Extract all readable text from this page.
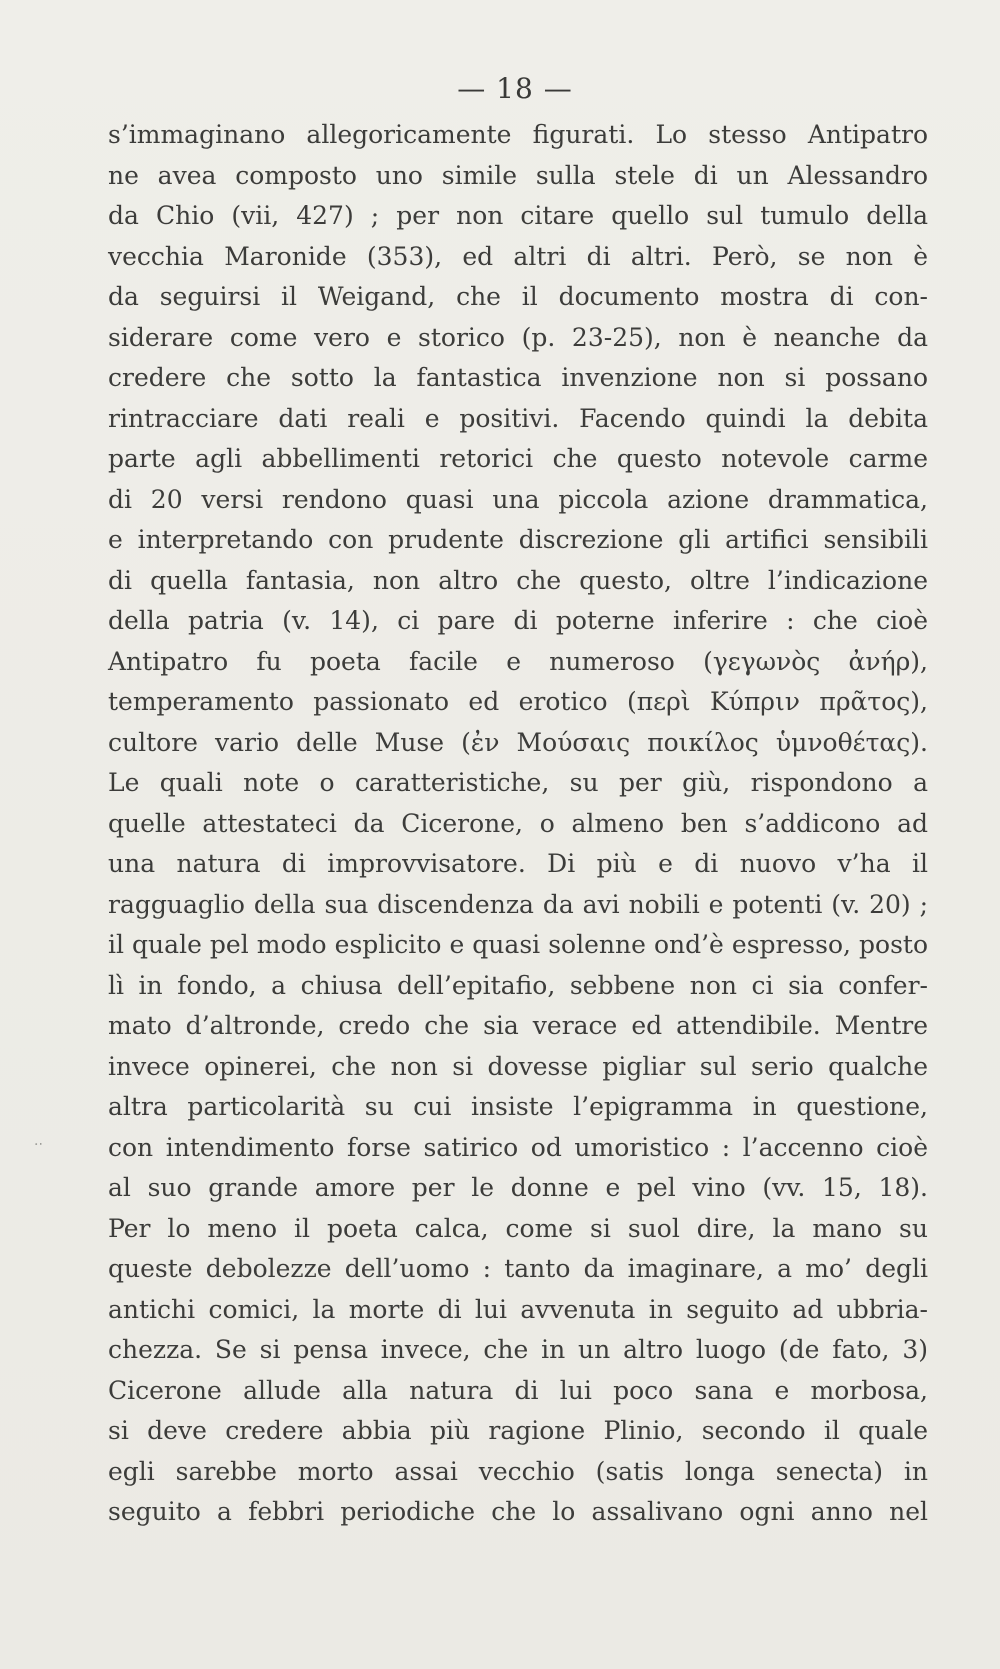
— 18 —
s’immaginano allegoricamente figurati. Lo stesso Antipatro
ne avea composto uno simile sulla stele di un Alessandro
da Chio (vii, 427) ; per non citare quello sul tumulo della
vecchia Maronide (353), ed altri di altri. Però, se non è
da seguirsi il Weigand, che il documento mostra di con-
siderare come vero e storico (p. 23-25), non è neanche da
credere che sotto la fantastica invenzione non si possano
rintracciare dati reali e positivi. Facendo quindi la debita
parte agli abbellimenti retorici che questo notevole carme
di 20 versi rendono quasi una piccola azione drammatica,
e interpretando con prudente discrezione gli artifici sensibili
di quella fantasia, non altro che questo, oltre l’indicazione
della patria (v. 14), ci pare di poterne inferire : che cioè
Antipatro fu poeta facile e numeroso (γεγωνὸς ἀνήρ),
temperamento passionato ed erotico (περὶ Κύπριν πρᾶτος),
cultore vario delle Muse (ἐν Μούσαις ποικίλος ὑμνοθέτας).
Le quali note o caratteristiche, su per giù, rispondono a
quelle attestateci da Cicerone, o almeno ben s’addicono ad
una natura di improvvisatore. Di più e di nuovo v’ha il
ragguaglio della sua discendenza da avi nobili e potenti (v. 20) ;
il quale pel modo esplicito e quasi solenne ond’è espresso, posto
lì in fondo, a chiusa dell’epitafio, sebbene non ci sia confer-
mato d’altronde, credo che sia verace ed attendibile. Mentre
invece opinerei, che non si dovesse pigliar sul serio qualche
altra particolarità su cui insiste l’epigramma in questione,
con intendimento forse satirico od umoristico : l’accenno cioè
al suo grande amore per le donne e pel vino (vv. 15, 18).
Per lo meno il poeta calca, come si suol dire, la mano su
queste debolezze dell’uomo : tanto da imaginare, a mo’ degli
antichi comici, la morte di lui avvenuta in seguito ad ubbria-
chezza. Se si pensa invece, che in un altro luogo (de fato, 3)
Cicerone allude alla natura di lui poco sana e morbosa,
si deve credere abbia più ragione Plinio, secondo il quale
egli sarebbe morto assai vecchio (satis longa senecta) in
seguito a febbri periodiche che lo assalivano ogni anno nel
·‧
